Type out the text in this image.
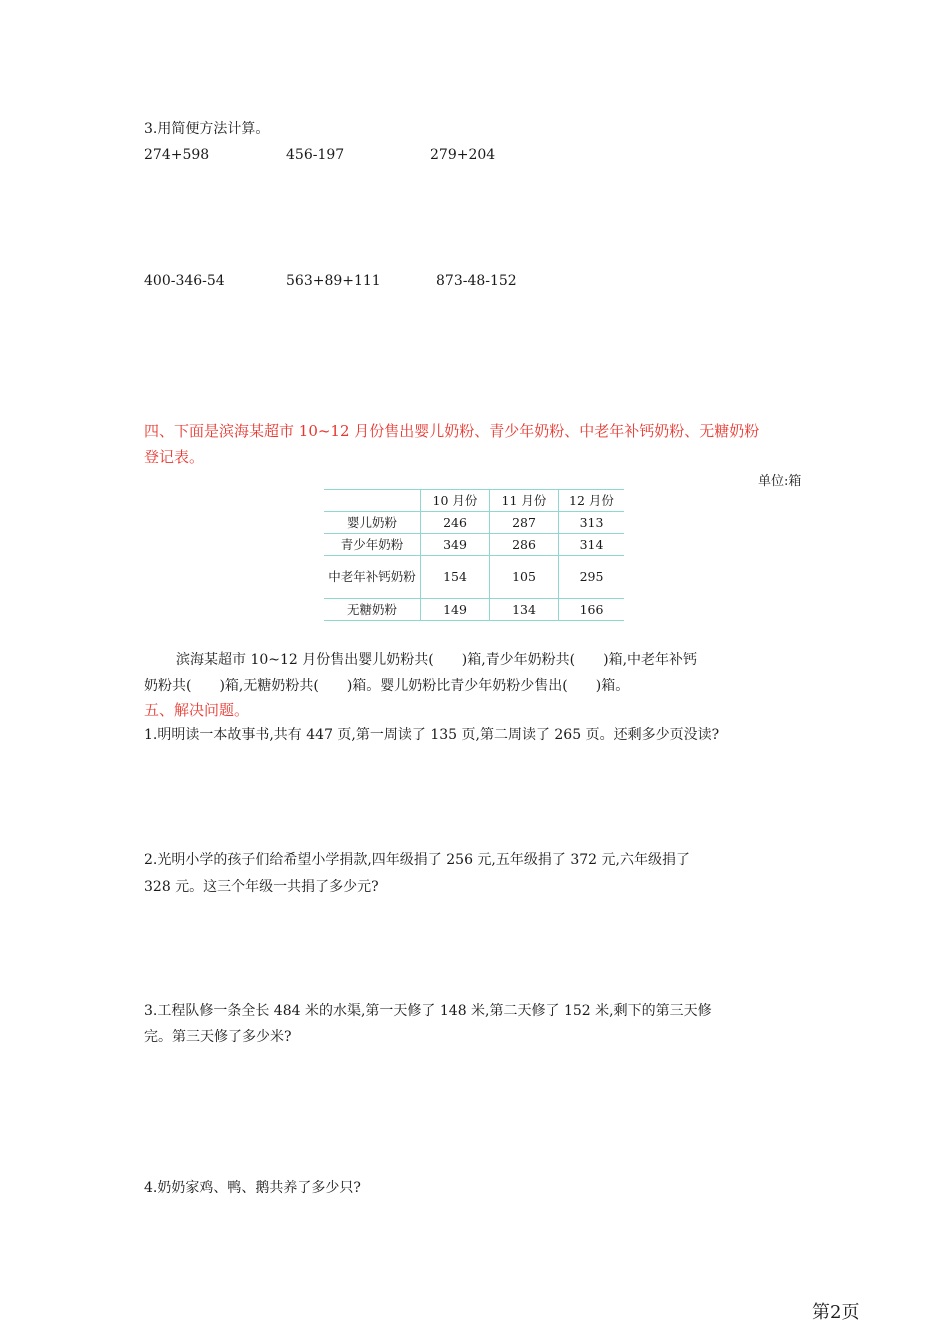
3.用简便方法计算。
274+598	456-197	279+204
400-346-54	563+89+111	873-48-152
四、下面是滨海某超市 10~12 月份售出婴儿奶粉、青少年奶粉、中老年补钙奶粉、无糖奶粉
登记表。
单位:箱
	10 月份	11 月份	12 月份
婴儿奶粉	246	287	313
青少年奶粉	349	286	314
中老年补钙奶粉	154	105	295
无糖奶粉	149	134	166
滨海某超市 10~12 月份售出婴儿奶粉共( )箱,青少年奶粉共( )箱,中老年补钙
奶粉共( )箱,无糖奶粉共( )箱。婴儿奶粉比青少年奶粉少售出( )箱。
五、解决问题。
1.明明读一本故事书,共有 447 页,第一周读了 135 页,第二周读了 265 页。还剩多少页没读?
2.光明小学的孩子们给希望小学捐款,四年级捐了 256 元,五年级捐了 372 元,六年级捐了
328 元。这三个年级一共捐了多少元?
3.工程队修一条全长 484 米的水渠,第一天修了 148 米,第二天修了 152 米,剩下的第三天修
完。第三天修了多少米?
4.奶奶家鸡、鸭、鹅共养了多少只?
第2页
